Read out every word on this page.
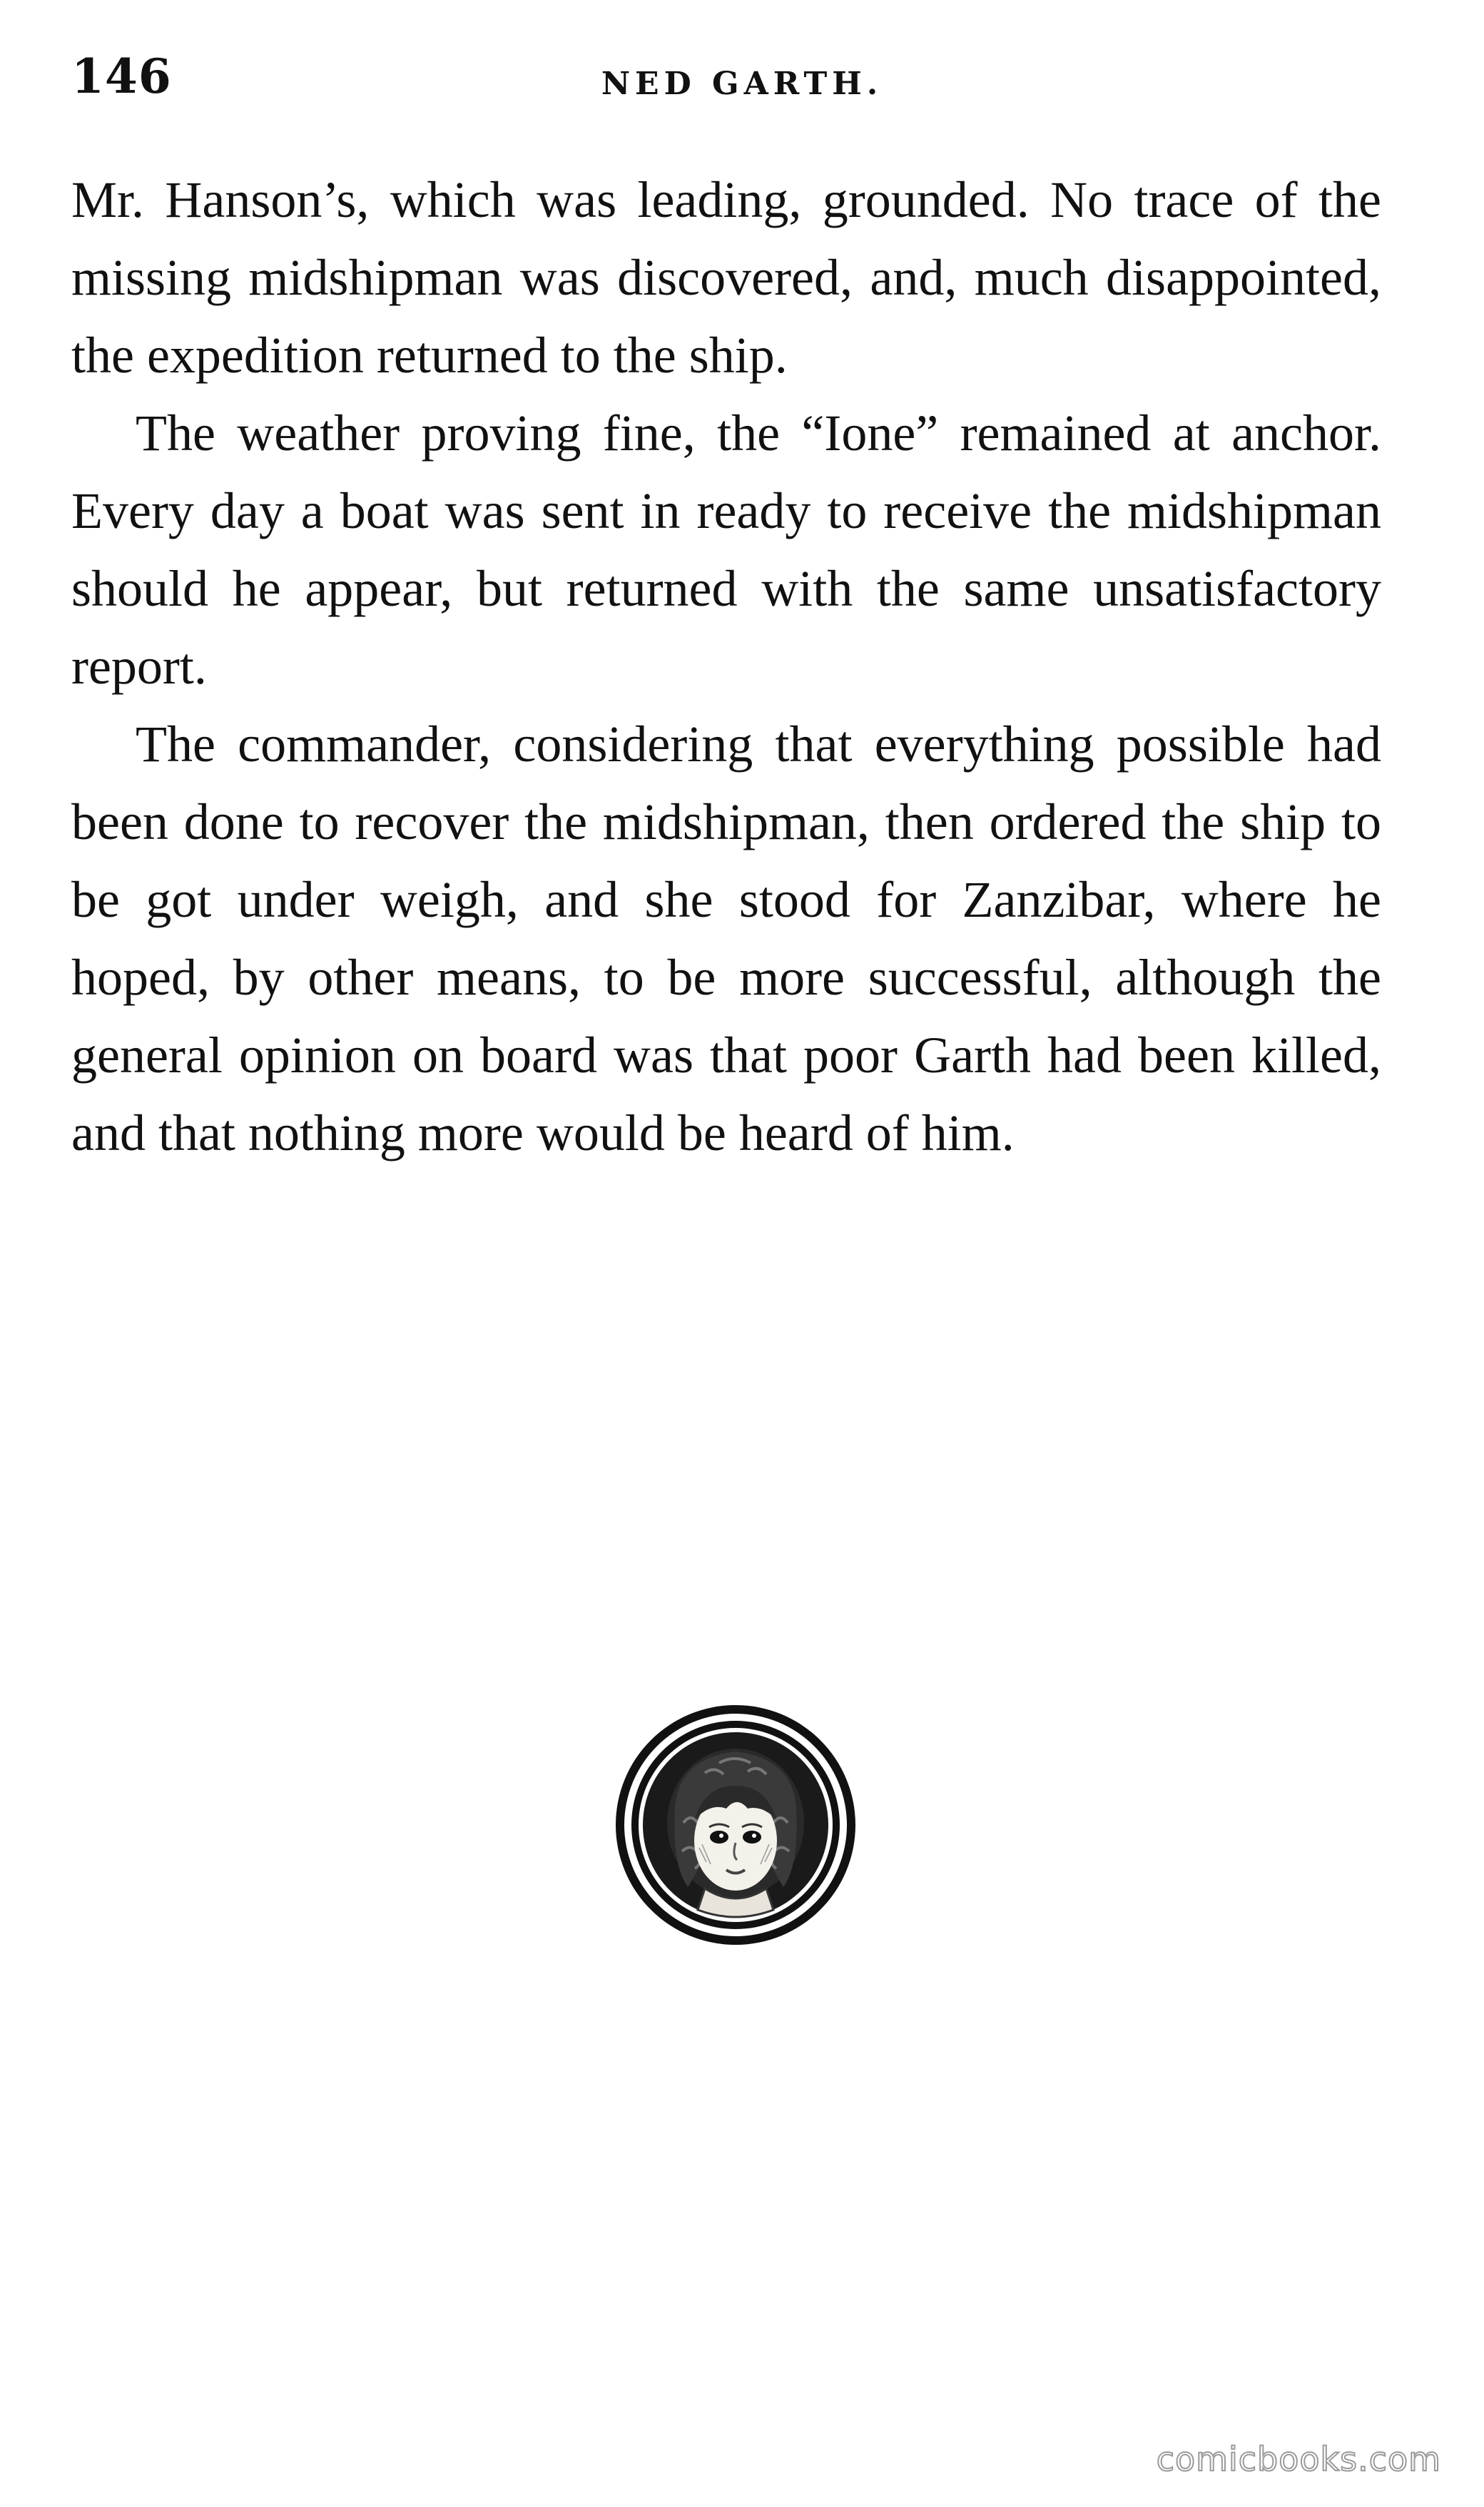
146	NED GARTH.

Mr. Hanson’s, which was leading, grounded. No trace of the missing midshipman was discovered, and, much disappointed, the expedition returned to the ship.

The weather proving fine, the “Ione” remained at anchor. Every day a boat was sent in ready to receive the midshipman should he appear, but returned with the same unsatisfactory report.

The commander, considering that everything possible had been done to recover the midshipman, then ordered the ship to be got under weigh, and she stood for Zanzibar, where he hoped, by other means, to be more successful, although the general opinion on board was that poor Garth had been killed, and that nothing more would be heard of him.

comicbooks.com
